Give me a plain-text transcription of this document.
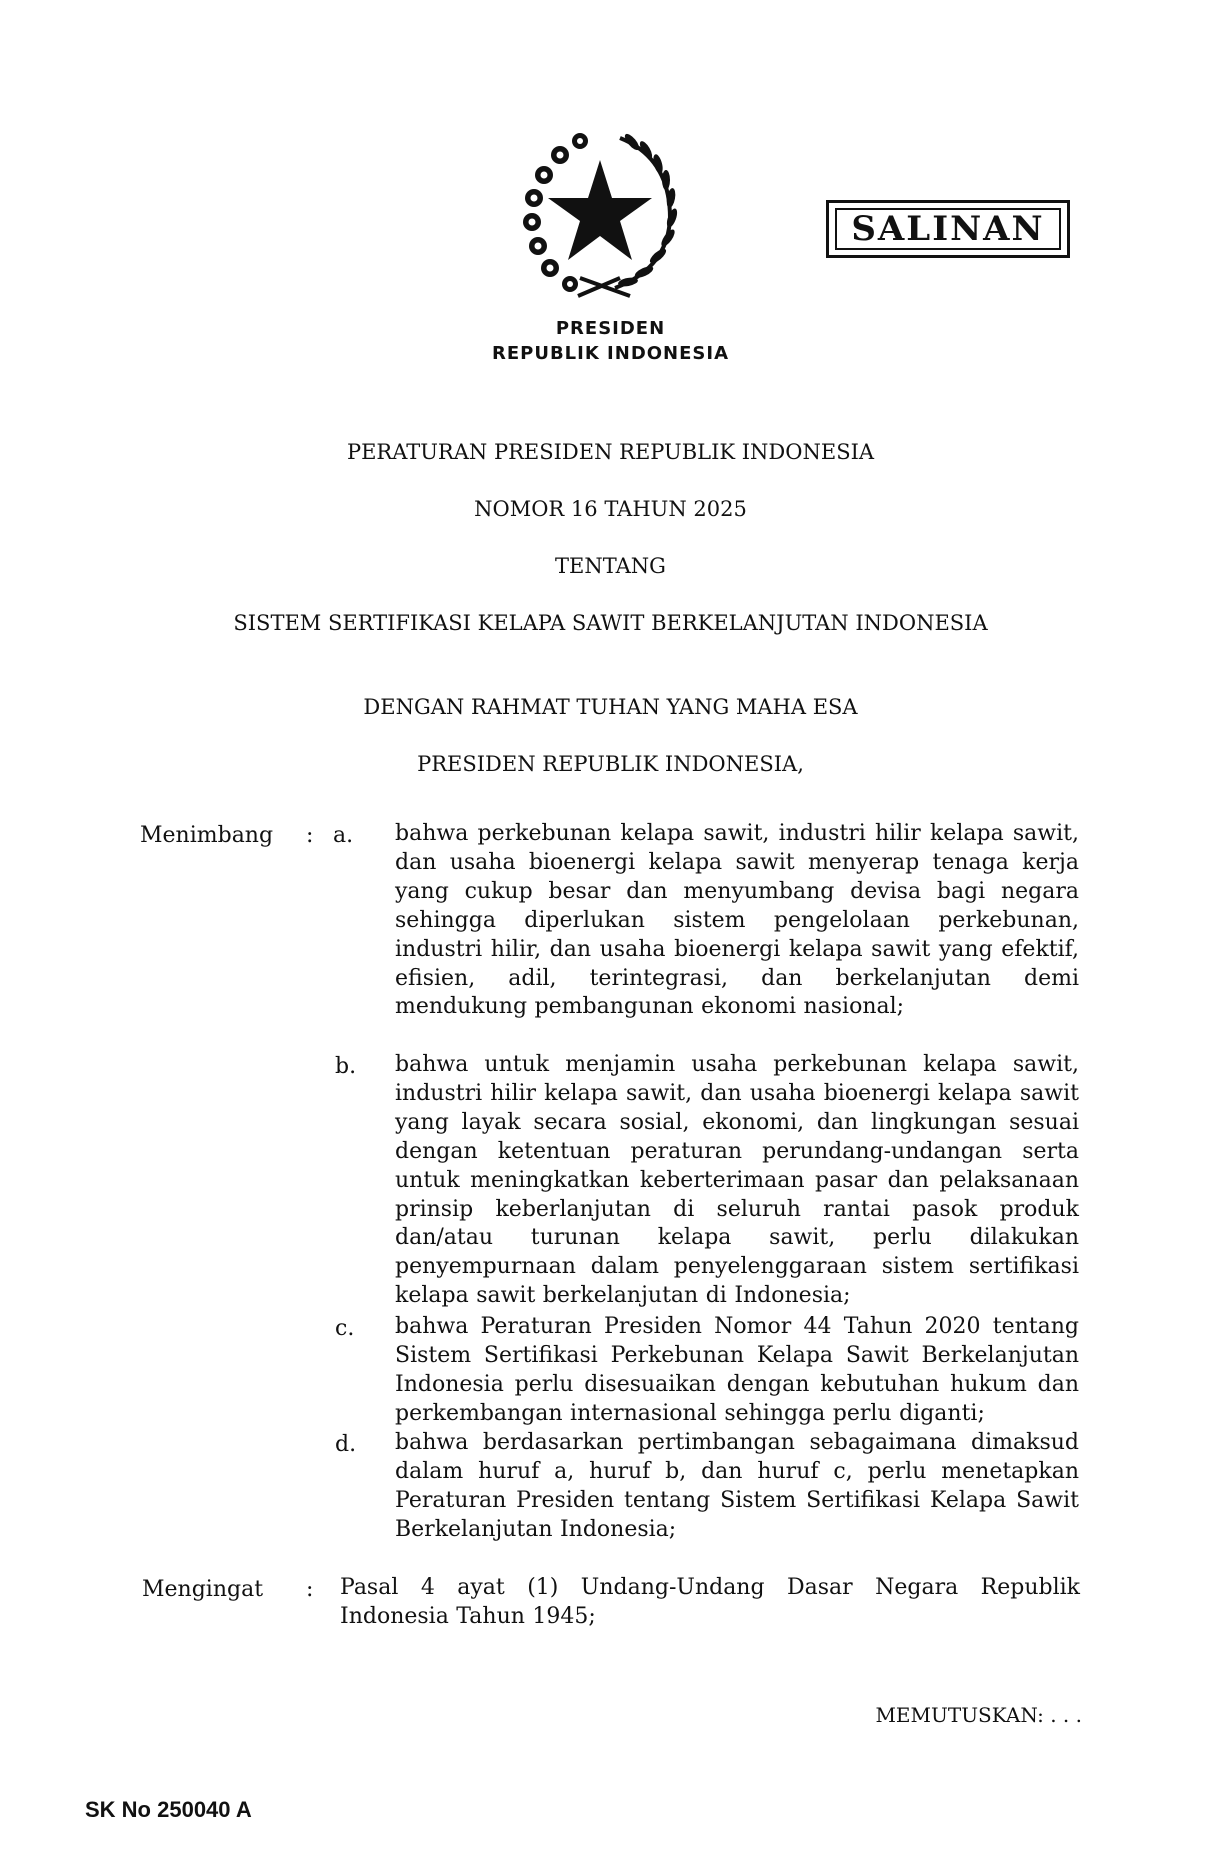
SALINAN
PRESIDEN
REPUBLIK INDONESIA
PERATURAN PRESIDEN REPUBLIK INDONESIA
NOMOR 16 TAHUN 2025
TENTANG
SISTEM SERTIFIKASI KELAPA SAWIT BERKELANJUTAN INDONESIA
DENGAN RAHMAT TUHAN YANG MAHA ESA
PRESIDEN REPUBLIK INDONESIA,
Menimbang : a. bahwa perkebunan kelapa sawit, industri hilir kelapa sawit, dan usaha bioenergi kelapa sawit menyerap tenaga kerja yang cukup besar dan menyumbang devisa bagi negara sehingga diperlukan sistem pengelolaan perkebunan, industri hilir, dan usaha bioenergi kelapa sawit yang efektif, efisien, adil, terintegrasi, dan berkelanjutan demi mendukung pembangunan ekonomi nasional;
b. bahwa untuk menjamin usaha perkebunan kelapa sawit, industri hilir kelapa sawit, dan usaha bioenergi kelapa sawit yang layak secara sosial, ekonomi, dan lingkungan sesuai dengan ketentuan peraturan perundang-undangan serta untuk meningkatkan keberterimaan pasar dan pelaksanaan prinsip keberlanjutan di seluruh rantai pasok produk dan/atau turunan kelapa sawit, perlu dilakukan penyempurnaan dalam penyelenggaraan sistem sertifikasi kelapa sawit berkelanjutan di Indonesia;
c. bahwa Peraturan Presiden Nomor 44 Tahun 2020 tentang Sistem Sertifikasi Perkebunan Kelapa Sawit Berkelanjutan Indonesia perlu disesuaikan dengan kebutuhan hukum dan perkembangan internasional sehingga perlu diganti;
d. bahwa berdasarkan pertimbangan sebagaimana dimaksud dalam huruf a, huruf b, dan huruf c, perlu menetapkan Peraturan Presiden tentang Sistem Sertifikasi Kelapa Sawit Berkelanjutan Indonesia;
Mengingat : Pasal 4 ayat (1) Undang-Undang Dasar Negara Republik Indonesia Tahun 1945;
MEMUTUSKAN: . . .
SK No 250040 A
